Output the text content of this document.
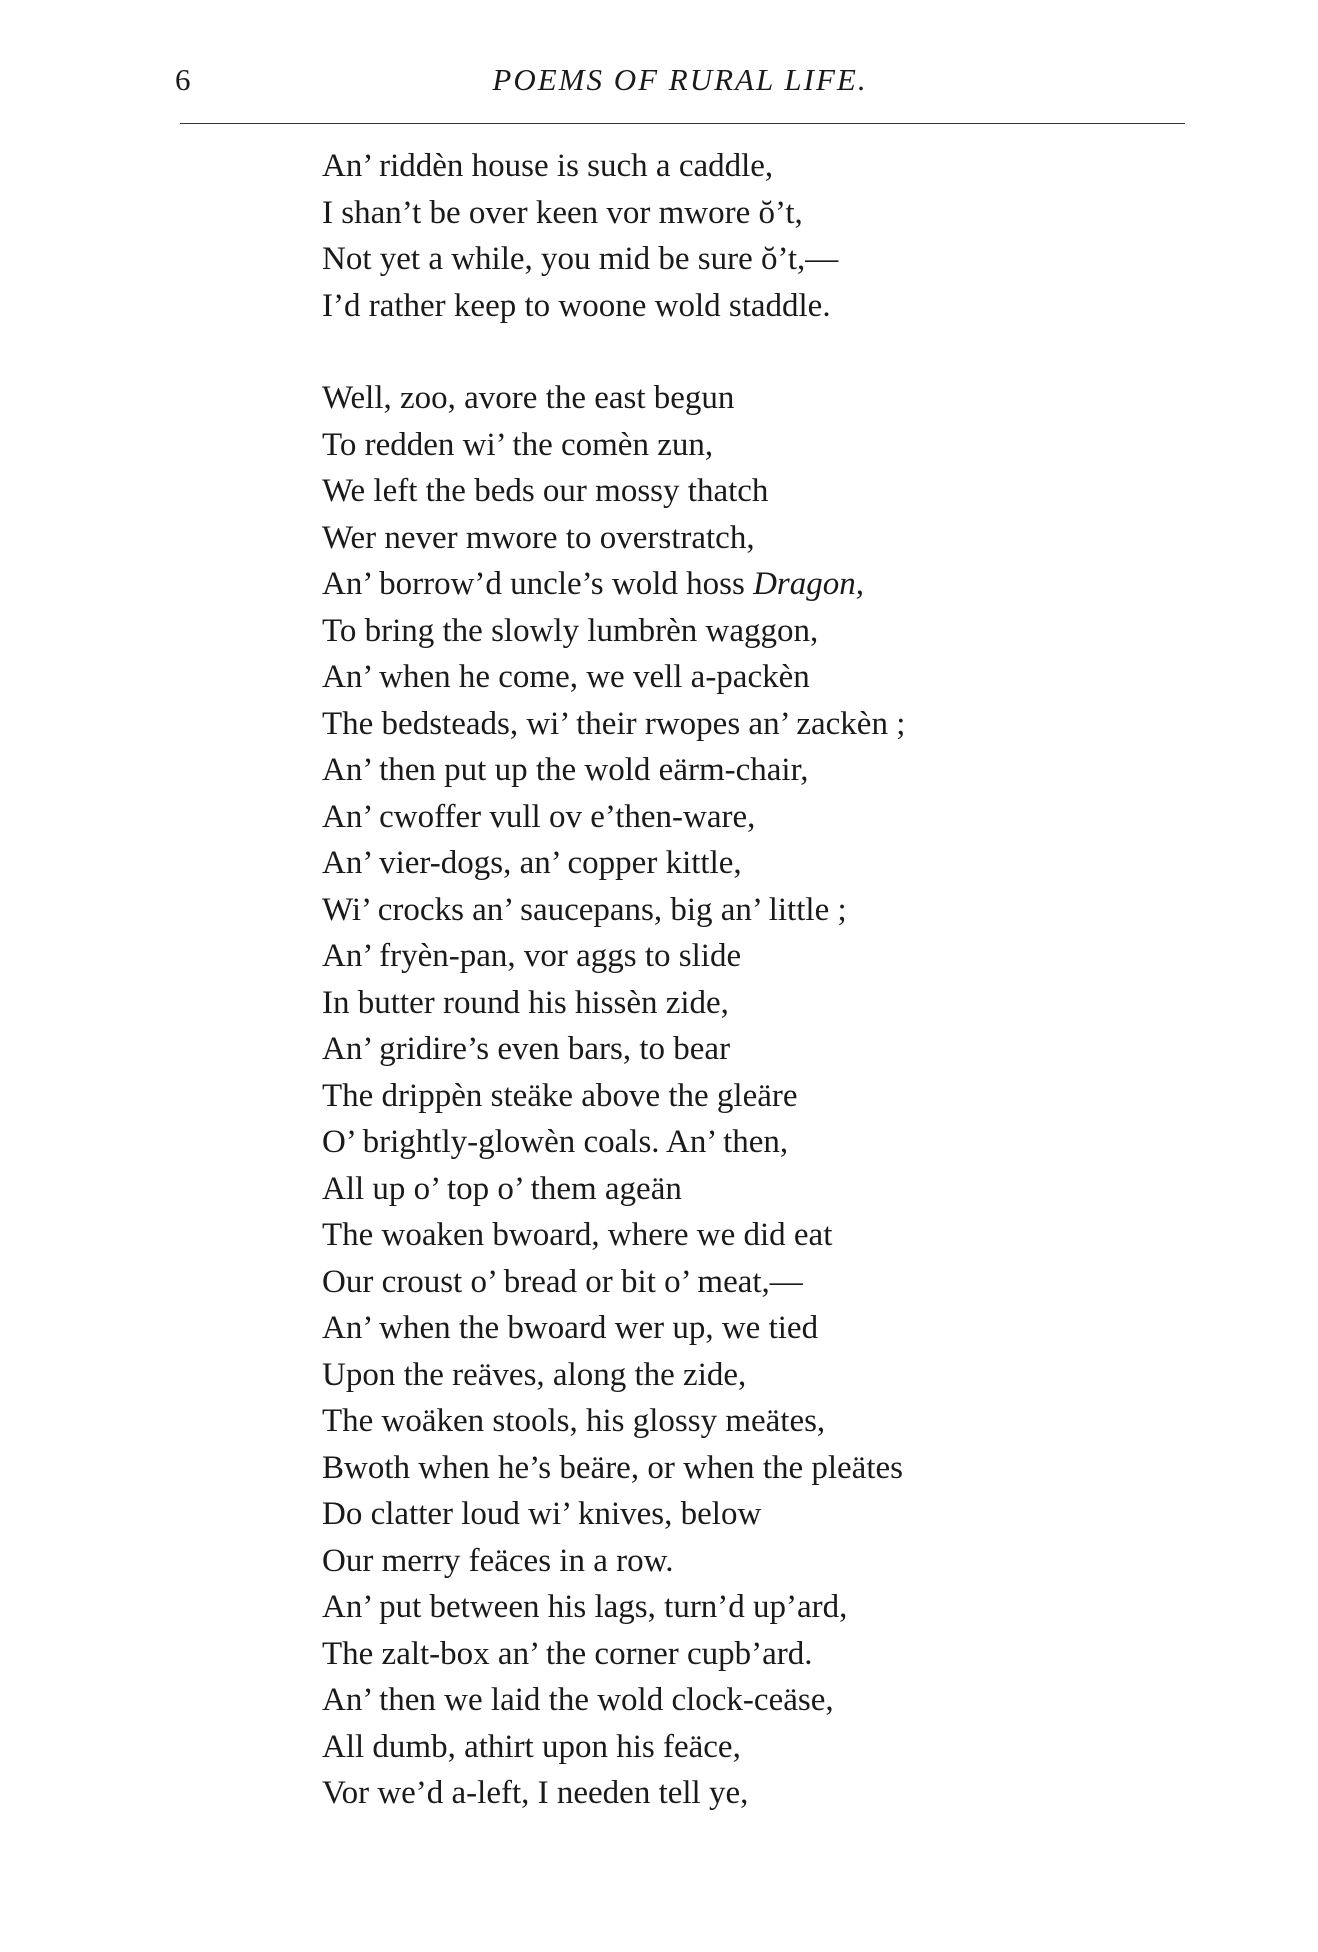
6	POEMS OF RURAL LIFE.
An’ riddèn house is such a caddle,
I shan’t be over keen vor mwore ŏ’t,
Not yet a while, you mid be sure ŏ’t,—
I’d rather keep to woone wold staddle.
Well, zoo, avore the east begun
To redden wi’ the comèn zun,
We left the beds our mossy thatch
Wer never mwore to overstratch,
An’ borrow’d uncle’s wold hoss Dragon,
To bring the slowly lumbrèn waggon,
An’ when he come, we vell a-packèn
The bedsteads, wi’ their rwopes an’ zackèn ;
An’ then put up the wold eärm-chair,
An’ cwoffer vull ov e’then-ware,
An’ vier-dogs, an’ copper kittle,
Wi’ crocks an’ saucepans, big an’ little ;
An’ fryèn-pan, vor aggs to slide
In butter round his hissèn zide,
An’ gridire’s even bars, to bear
The drippèn steäke above the gleäre
O’ brightly-glowèn coals. An’ then,
All up o’ top o’ them ageän
The woaken bwoard, where we did eat
Our croust o’ bread or bit o’ meat,—
An’ when the bwoard wer up, we tied
Upon the reäves, along the zide,
The woäken stools, his glossy meätes,
Bwoth when he’s beäre, or when the pleätes
Do clatter loud wi’ knives, below
Our merry feäces in a row.
An’ put between his lags, turn’d up’ard,
The zalt-box an’ the corner cupb’ard.
An’ then we laid the wold clock-ceäse,
All dumb, athirt upon his feäce,
Vor we’d a-left, I needen tell ye,
